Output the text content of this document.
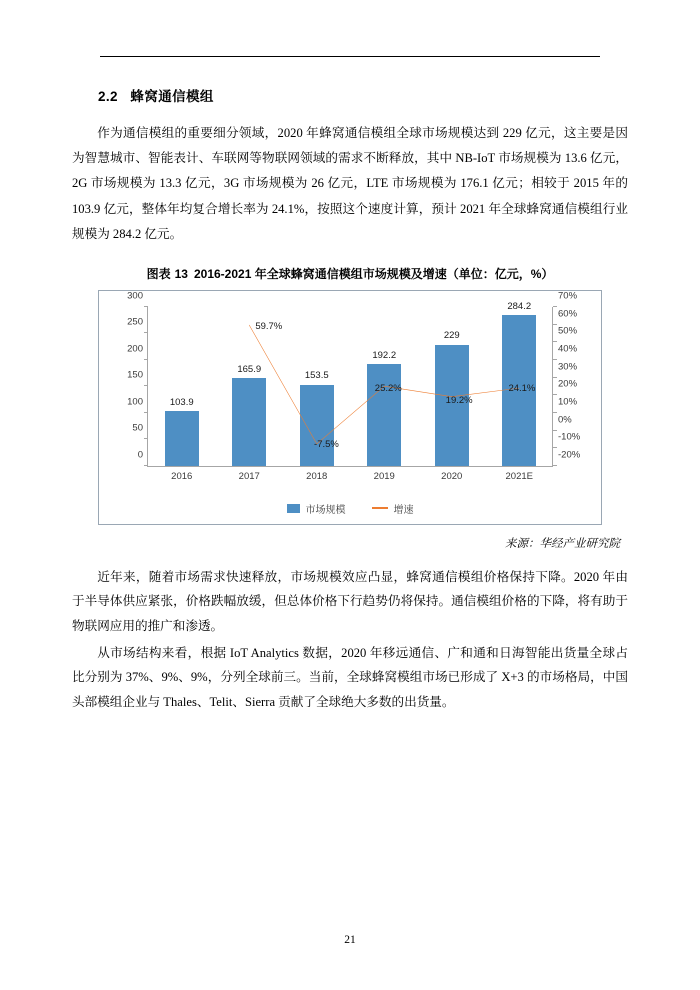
2.2 蜂窝通信模组

作为通信模组的重要细分领域，2020 年蜂窝通信模组全球市场规模达到 229 亿元，这主要是因为智慧城市、智能表计、车联网等物联网领域的需求不断释放，其中 NB-IoT 市场规模为 13.6 亿元，2G 市场规模为 13.3 亿元，3G 市场规模为 26 亿元，LTE 市场规模为 176.1 亿元；相较于 2015 年的 103.9 亿元，整体年均复合增长率为 24.1%，按照这个速度计算，预计 2021 年全球蜂窝通信模组行业规模为 284.2 亿元。

图表 13 2016-2021 年全球蜂窝通信模组市场规模及增速（单位：亿元，%）
0
50
100
150
200
250
300
-20%
-10%
0%
10%
20%
30%
40%
50%
60%
70%
103.9
165.9
153.5
192.2
229
284.2
59.7%
-7.5%
25.2%
19.2%
24.1%
2016	2017	2018	2019	2020	2021E
市场规模	增速
来源：华经产业研究院

近年来，随着市场需求快速释放，市场规模效应凸显，蜂窝通信模组价格保持下降。2020 年由于半导体供应紧张，价格跌幅放缓，但总体价格下行趋势仍将保持。通信模组价格的下降，将有助于物联网应用的推广和渗透。

从市场结构来看，根据 IoT Analytics 数据，2020 年移远通信、广和通和日海智能出货量全球占比分别为 37%、9%、9%，分列全球前三。当前，全球蜂窝模组市场已形成了 X+3 的市场格局，中国头部模组企业与 Thales、Telit、Sierra 贡献了全球绝大多数的出货量。

21
